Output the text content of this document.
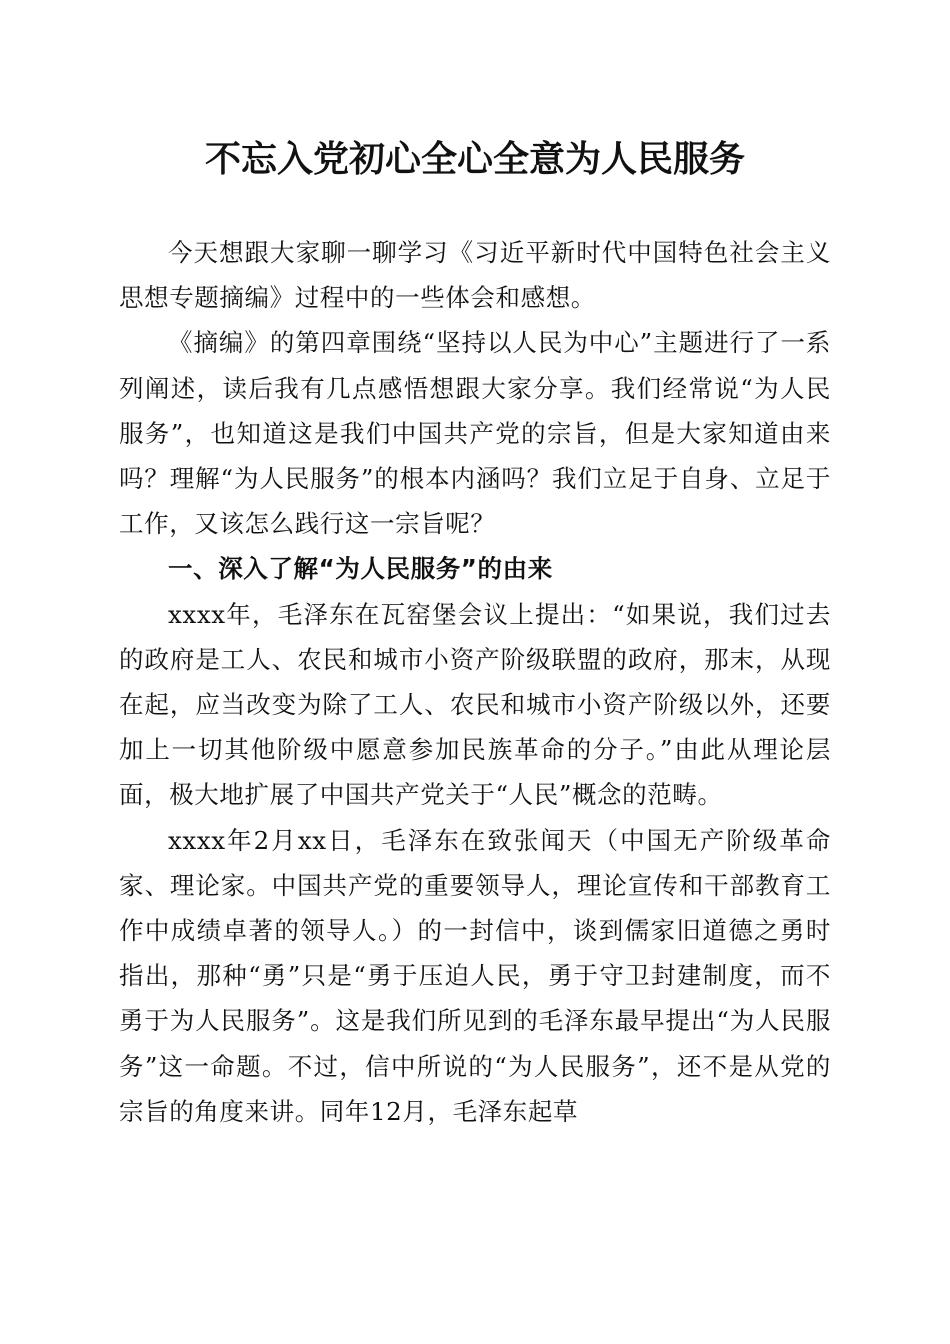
不忘入党初心全心全意为人民服务

今天想跟大家聊一聊学习《习近平新时代中国特色社会主义思想专题摘编》过程中的一些体会和感想。

《摘编》的第四章围绕“坚持以人民为中心”主题进行了一系列阐述，读后我有几点感悟想跟大家分享。我们经常说“为人民服务”，也知道这是我们中国共产党的宗旨，但是大家知道由来吗？理解“为人民服务”的根本内涵吗？我们立足于自身、立足于工作，又该怎么践行这一宗旨呢？

一、深入了解“为人民服务”的由来

xxxx年，毛泽东在瓦窑堡会议上提出：“如果说，我们过去的政府是工人、农民和城市小资产阶级联盟的政府，那末，从现在起，应当改变为除了工人、农民和城市小资产阶级以外，还要加上一切其他阶级中愿意参加民族革命的分子。”由此从理论层面，极大地扩展了中国共产党关于“人民”概念的范畴。

xxxx年2月xx日，毛泽东在致张闻天（中国无产阶级革命家、理论家。中国共产党的重要领导人，理论宣传和干部教育工作中成绩卓著的领导人。）的一封信中，谈到儒家旧道德之勇时指出，那种“勇”只是“勇于压迫人民，勇于守卫封建制度，而不勇于为人民服务”。这是我们所见到的毛泽东最早提出“为人民服务”这一命题。不过，信中所说的“为人民服务”，还不是从党的宗旨的角度来讲。同年12月，毛泽东起草
